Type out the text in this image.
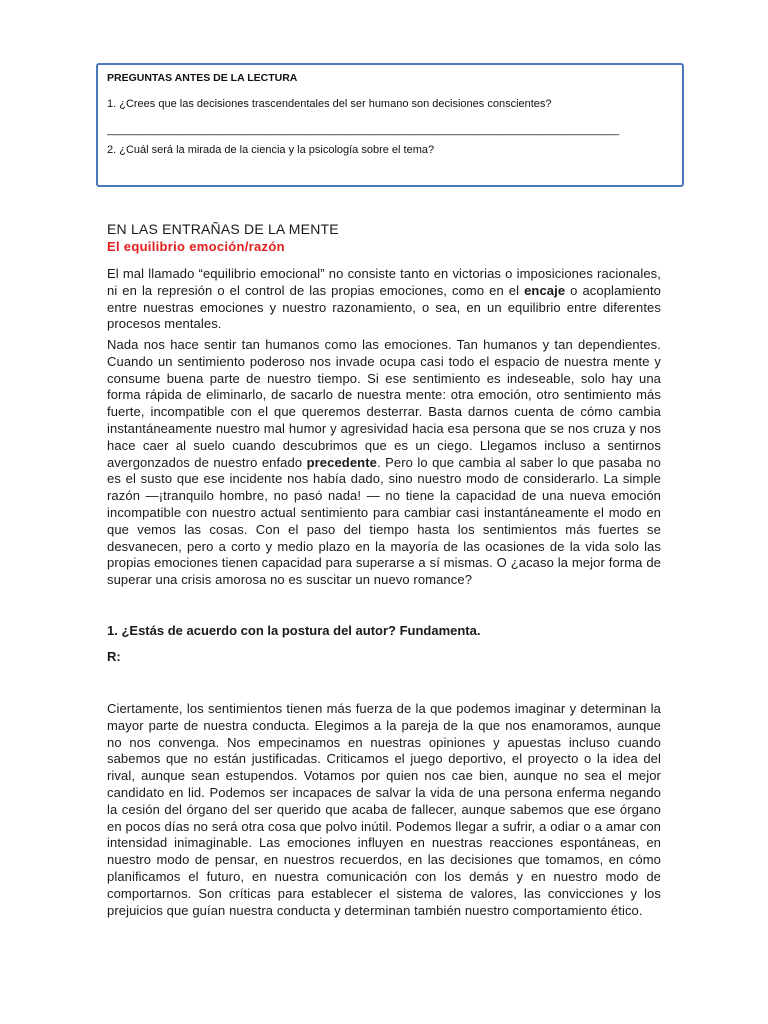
PREGUNTAS ANTES DE LA LECTURA

1. ¿Crees que las decisiones trascendentales del ser humano son decisiones conscientes?

________________________________________________________________________________________

2. ¿Cuál será la mirada de la ciencia y la psicología sobre el tema?

EN LAS ENTRAÑAS DE LA MENTE
El equilibrio emoción/razón

El mal llamado “equilibrio emocional” no consiste tanto en victorias o imposiciones racionales, ni en la represión o el control de las propias emociones, como en el encaje o acoplamiento entre nuestras emociones y nuestro razonamiento, o sea, en un equilibrio entre diferentes procesos mentales.

Nada nos hace sentir tan humanos como las emociones. Tan humanos y tan dependientes. Cuando un sentimiento poderoso nos invade ocupa casi todo el espacio de nuestra mente y consume buena parte de nuestro tiempo. Si ese sentimiento es indeseable, solo hay una forma rápida de eliminarlo, de sacarlo de nuestra mente: otra emoción, otro sentimiento más fuerte, incompatible con el que queremos desterrar. Basta darnos cuenta de cómo cambia instantáneamente nuestro mal humor y agresividad hacia esa persona que se nos cruza y nos hace caer al suelo cuando descubrimos que es un ciego. Llegamos incluso a sentirnos avergonzados de nuestro enfado precedente. Pero lo que cambia al saber lo que pasaba no es el susto que ese incidente nos había dado, sino nuestro modo de considerarlo. La simple razón —¡tranquilo hombre, no pasó nada! — no tiene la capacidad de una nueva emoción incompatible con nuestro actual sentimiento para cambiar casi instantáneamente el modo en que vemos las cosas. Con el paso del tiempo hasta los sentimientos más fuertes se desvanecen, pero a corto y medio plazo en la mayoría de las ocasiones de la vida solo las propias emociones tienen capacidad para superarse a sí mismas. O ¿acaso la mejor forma de superar una crisis amorosa no es suscitar un nuevo romance?

1. ¿Estás de acuerdo con la postura del autor? Fundamenta.
R:

Ciertamente, los sentimientos tienen más fuerza de la que podemos imaginar y determinan la mayor parte de nuestra conducta. Elegimos a la pareja de la que nos enamoramos, aunque no nos convenga. Nos empecinamos en nuestras opiniones y apuestas incluso cuando sabemos que no están justificadas. Criticamos el juego deportivo, el proyecto o la idea del rival, aunque sean estupendos. Votamos por quien nos cae bien, aunque no sea el mejor candidato en lid. Podemos ser incapaces de salvar la vida de una persona enferma negando la cesión del órgano del ser querido que acaba de fallecer, aunque sabemos que ese órgano en pocos días no será otra cosa que polvo inútil. Podemos llegar a sufrir, a odiar o a amar con intensidad inimaginable. Las emociones influyen en nuestras reacciones espontáneas, en nuestro modo de pensar, en nuestros recuerdos, en las decisiones que tomamos, en cómo planificamos el futuro, en nuestra comunicación con los demás y en nuestro modo de comportarnos. Son críticas para establecer el sistema de valores, las convicciones y los prejuicios que guían nuestra conducta y determinan también nuestro comportamiento ético.
